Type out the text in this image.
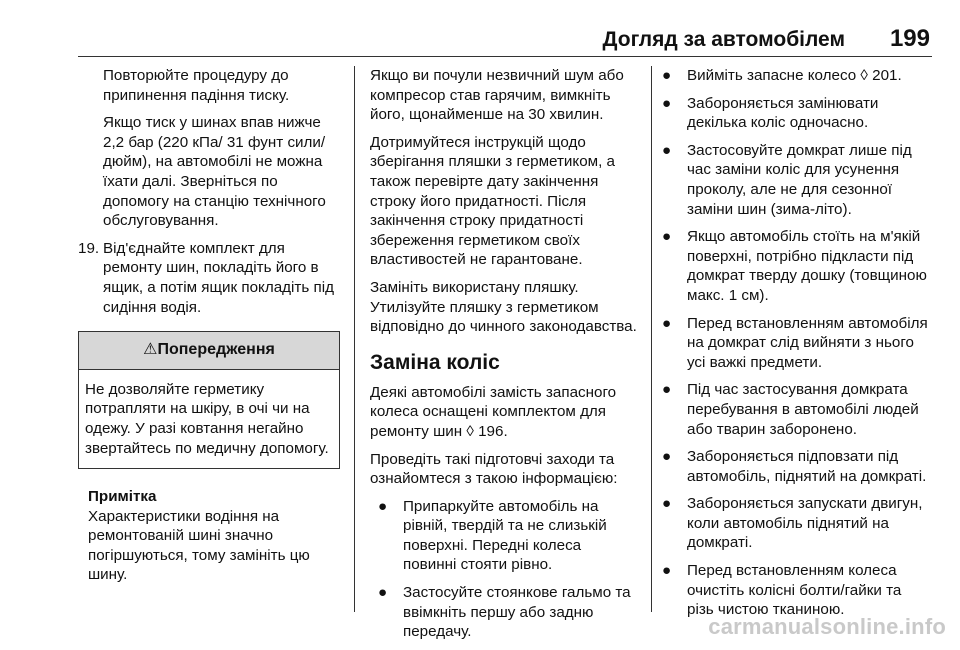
Догляд за автомобілем 199

Повторюйте процедуру до припинення падіння тиску.

Якщо тиск у шинах впав нижче 2,2 бар (220 кПа/ 31 фунт сили/дюйм), на автомобілі не можна їхати далі. Зверніться по допомогу на станцію технічного обслуговування.

19. Від'єднайте комплект для ремонту шин, покладіть його в ящик, а потім ящик покладіть під сидіння водія.
⚠Попередження
Не дозволяйте герметику потрапляти на шкіру, в очі чи на одежу. У разі ковтання негайно звертайтесь по медичну допомогу.
Примітка
Характеристики водіння на ремонтованій шині значно погіршуються, тому замініть цю шину.

Якщо ви почули незвичний шум або компресор став гарячим, вимкніть його, щонайменше на 30 хвилин.

Дотримуйтеся інструкцій щодо зберігання пляшки з герметиком, а також перевірте дату закінчення строку його придатності. Після закінчення строку придатності збереження герметиком своїх властивостей не гарантоване.

Замініть використану пляшку. Утилізуйте пляшку з герметиком відповідно до чинного законодавства.

Заміна коліс

Деякі автомобілі замість запасного колеса оснащені комплектом для ремонту шин ◊ 196.

Проведіть такі підготовчі заходи та ознайомтеся з такою інформацією:

●	Припаркуйте автомобіль на рівній, твердій та не слизькій поверхні. Передні колеса повинні стояти рівно.
●	Застосуйте стоянкове гальмо та ввімкніть першу або задню передачу.
●	Вийміть запасне колесо ◊ 201.
●	Забороняється замінювати декілька коліс одночасно.
●	Застосовуйте домкрат лише під час заміни коліс для усунення проколу, але не для сезонної заміни шин (зима-літо).
●	Якщо автомобіль стоїть на м'якій поверхні, потрібно підкласти під домкрат тверду дошку (товщиною макс. 1 см).
●	Перед встановленням автомобіля на домкрат слід вийняти з нього усі важкі предмети.
●	Під час застосування домкрата перебування в автомобілі людей або тварин заборонено.
●	Забороняється підповзати під автомобіль, піднятий на домкраті.
●	Забороняється запускати двигун, коли автомобіль піднятий на домкраті.
●	Перед встановленням колеса очистіть колісні болти/гайки та різь чистою тканиною.
carmanualsonline.info
